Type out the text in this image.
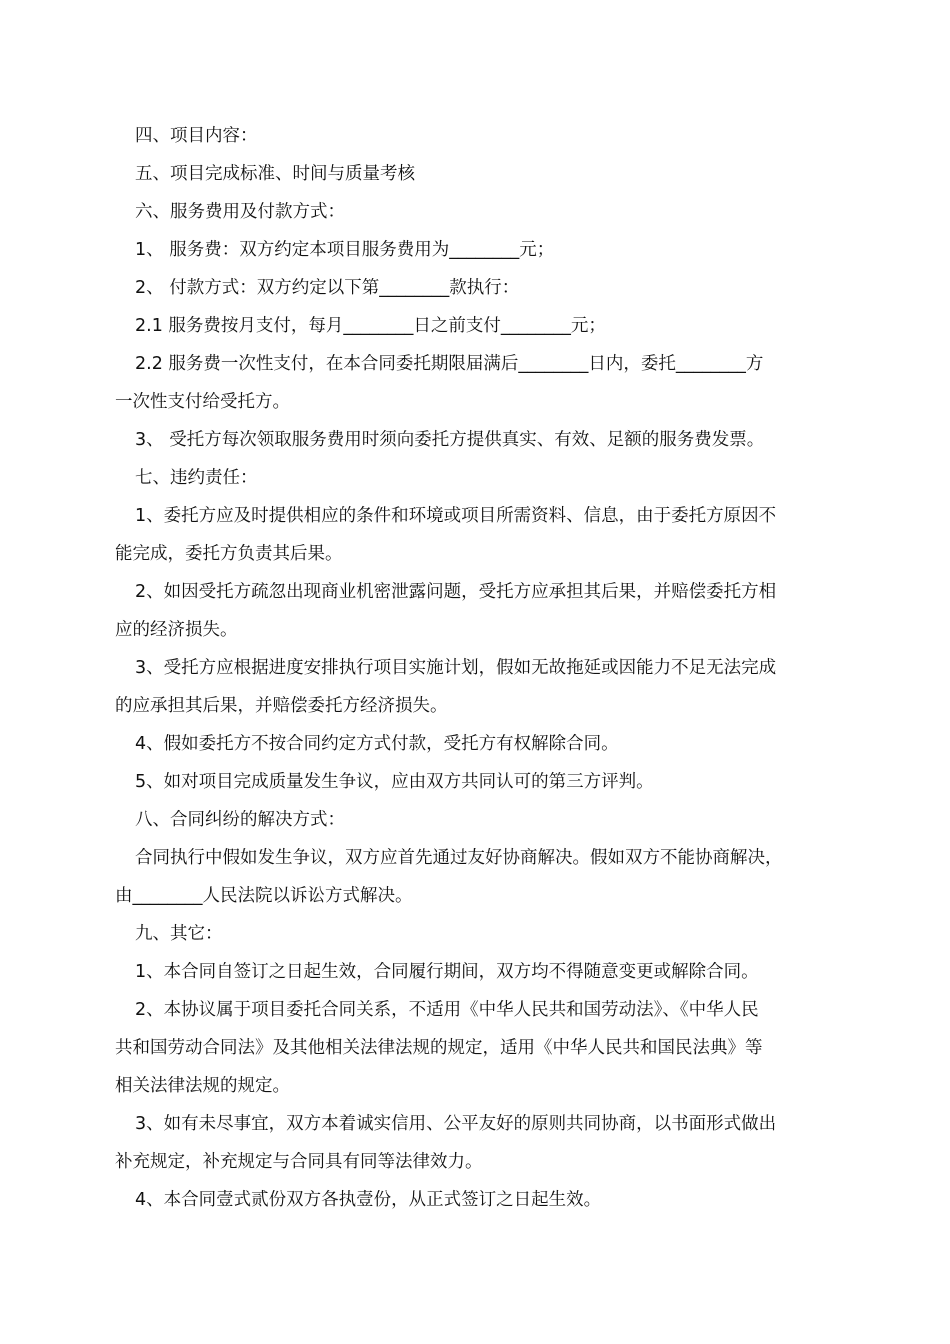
四、项目内容：

五、项目完成标准、时间与质量考核

六、服务费用及付款方式：

1、 服务费：双方约定本项目服务费用为________元；

2、 付款方式：双方约定以下第________款执行：

2.1 服务费按月支付，每月________日之前支付________元；

2.2 服务费一次性支付，在本合同委托期限届满后________日内，委托________方

一次性支付给受托方。

3、 受托方每次领取服务费用时须向委托方提供真实、有效、足额的服务费发票。

七、违约责任：

1、委托方应及时提供相应的条件和环境或项目所需资料、信息，由于委托方原因不

能完成，委托方负责其后果。

2、如因受托方疏忽出现商业机密泄露问题，受托方应承担其后果，并赔偿委托方相

应的经济损失。

3、受托方应根据进度安排执行项目实施计划，假如无故拖延或因能力不足无法完成

的应承担其后果，并赔偿委托方经济损失。

4、假如委托方不按合同约定方式付款，受托方有权解除合同。

5、如对项目完成质量发生争议，应由双方共同认可的第三方评判。

八、合同纠纷的解决方式：

合同执行中假如发生争议，双方应首先通过友好协商解决。假如双方不能协商解决，

由________人民法院以诉讼方式解决。

九、其它：

1、本合同自签订之日起生效，合同履行期间，双方均不得随意变更或解除合同。

2、本协议属于项目委托合同关系，不适用《中华人民共和国劳动法》、《中华人民

共和国劳动合同法》及其他相关法律法规的规定，适用《中华人民共和国民法典》等

相关法律法规的规定。

3、如有未尽事宜，双方本着诚实信用、公平友好的原则共同协商，以书面形式做出

补充规定，补充规定与合同具有同等法律效力。

4、本合同壹式贰份双方各执壹份，从正式签订之日起生效。
